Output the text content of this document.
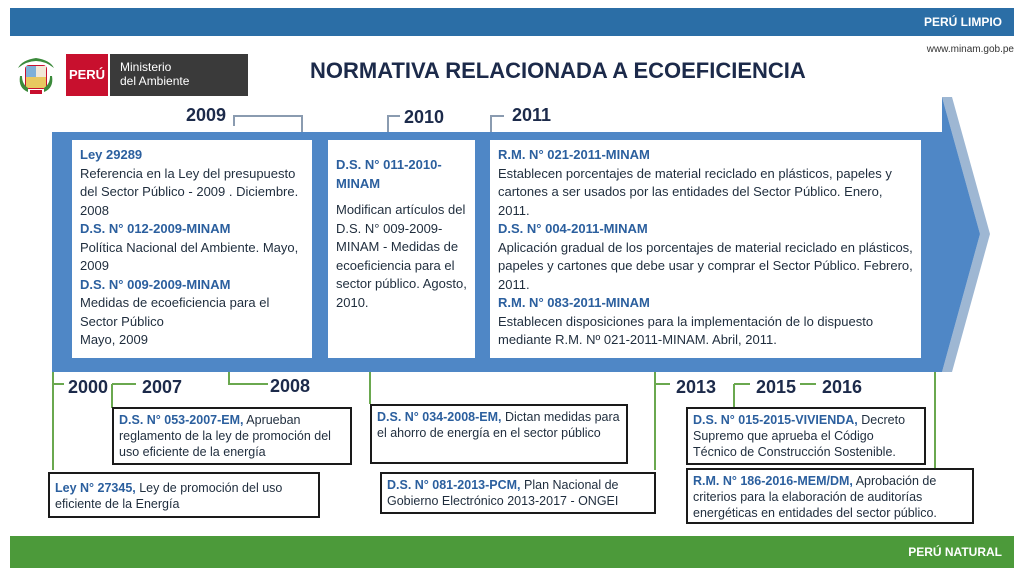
PERÚ LIMPIO
www.minam.gob.pe
PERÚ Ministerio
del Ambiente	NORMATIVA RELACIONADA A ECOEFICIENCIA
2009	2010	2011
Ley 29289
Referencia en la Ley del presupuesto del Sector Público - 2009 . Diciembre. 2008
D.S. N° 012-2009-MINAM
Política Nacional del Ambiente. Mayo, 2009
D.S. N° 009-2009-MINAM
Medidas de ecoeficiencia para el Sector Público
Mayo, 2009
D.S. N° 011-2010-MINAM
Modifican artículos del D.S. N° 009-2009-MINAM - Medidas de ecoeficiencia para el sector público. Agosto, 2010.
R.M. N° 021-2011-MINAM
Establecen porcentajes de material reciclado en plásticos, papeles y cartones a ser usados por las entidades del Sector Público. Enero, 2011.
D.S. N° 004-2011-MINAM
Aplicación gradual de los porcentajes de material reciclado en plásticos, papeles y cartones que debe usar y comprar el Sector Público. Febrero, 2011.
R.M. N° 083-2011-MINAM
Establecen disposiciones para la implementación de lo dispuesto mediante R.M. Nº 021-2011-MINAM. Abril, 2011.
2000 2007	2008	2013 2015 2016
D.S. N° 053-2007-EM, Aprueban reglamento de la ley de promoción del uso eficiente de la energía
Ley N° 27345, Ley de promoción del uso eficiente de la Energía
D.S. N° 034-2008-EM, Dictan medidas para el ahorro de energía en el sector público
D.S. N° 081-2013-PCM, Plan Nacional de Gobierno Electrónico 2013-2017 - ONGEI
D.S. N° 015-2015-VIVIENDA, Decreto Supremo que aprueba el Código Técnico de Construcción Sostenible.
R.M. N° 186-2016-MEM/DM, Aprobación de criterios para la elaboración de auditorías energéticas en entidades del sector público.
PERÚ NATURAL
